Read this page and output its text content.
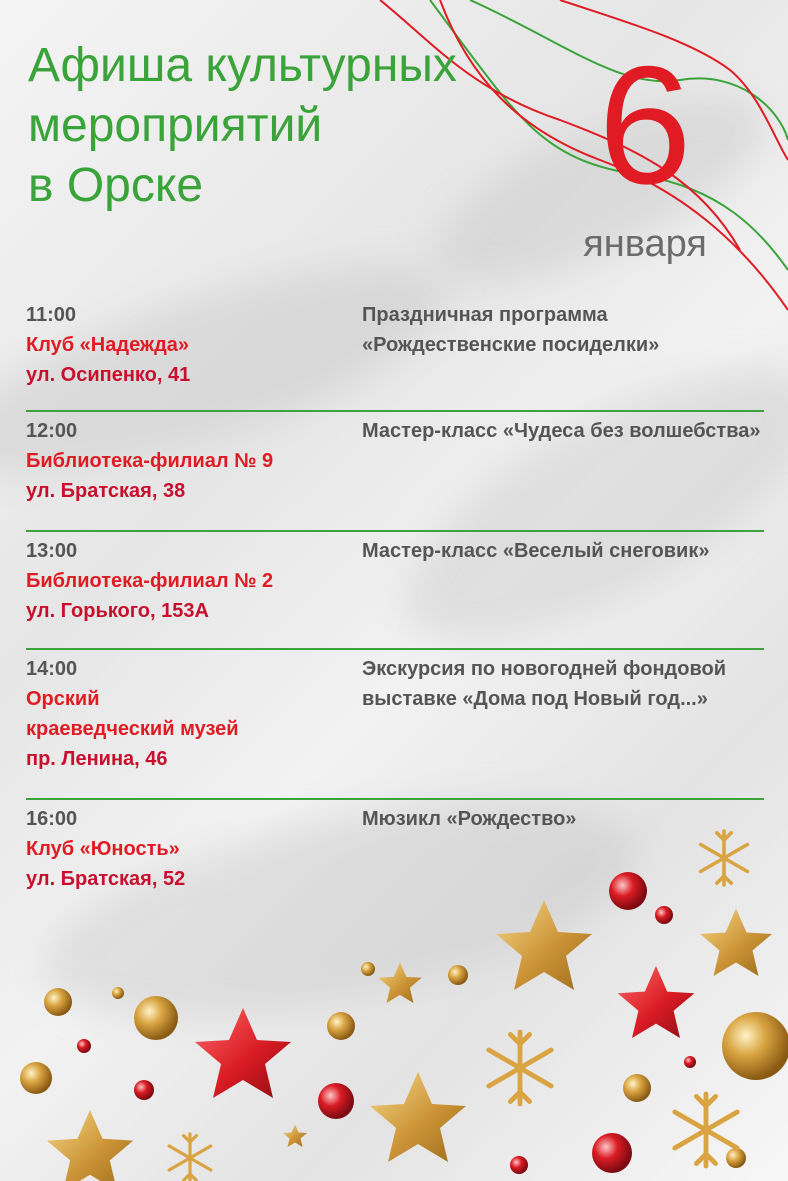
Афиша культурных
мероприятий
в Орске	6
января
11:00
Клуб «Надежда»
ул. Осипенко, 41
Праздничная программа «Рождественские посиделки»
12:00
Библиотека-филиал № 9
ул. Братская, 38
Мастер-класс «Чудеса без волшебства»
13:00
Библиотека-филиал № 2
ул. Горького, 153А
Мастер-класс «Веселый снеговик»
14:00
Орский
краеведческий музей
пр. Ленина, 46
Экскурсия по новогодней фондовой выставке «Дома под Новый год...»
16:00
Клуб «Юность»
ул. Братская, 52
Мюзикл «Рождество»
